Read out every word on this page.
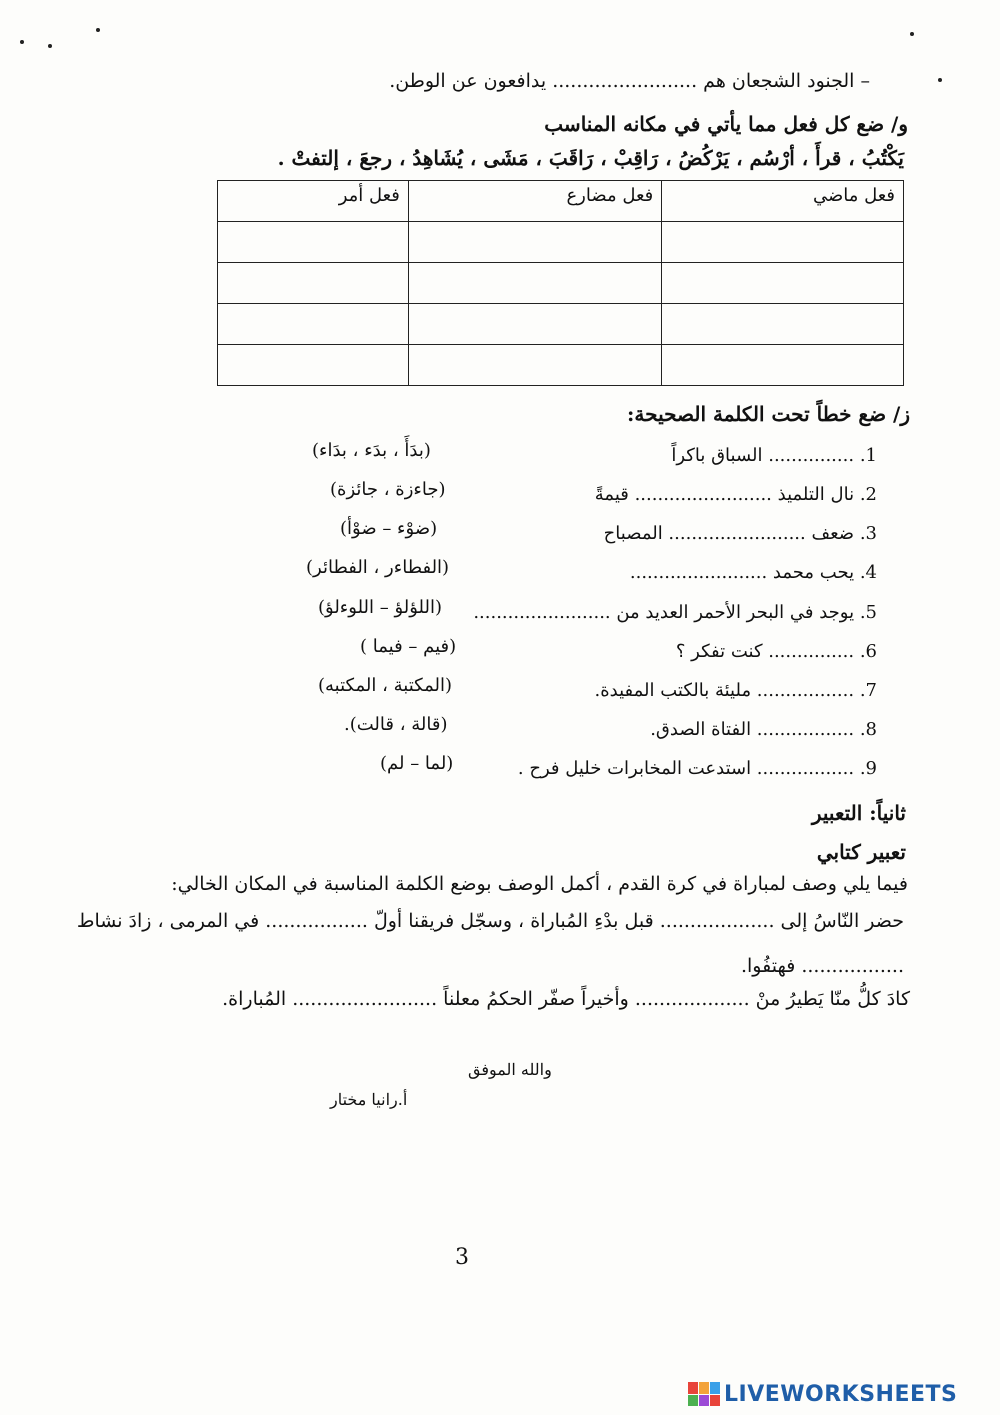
– الجنود الشجعان هم ........................ يدافعون عن الوطن.
و/ ضع كل فعل مما يأتي في مكانه المناسب
يَكْتُبُ ، قرأَ ، أرْسُم ، يَرْكُضُ ، رَاقِبْ ، رَاقَبَ ، مَشَى ، يُشَاهِدُ ، رجعَ ، إلتفتْ .
فعل ماضي	فعل مضارع	فعل أمر

ز/ ضع خطاً تحت الكلمة الصحيحة:
1. ............... السباق باكراً
(بدَأَ ، بدَء ، بدَاء)
2. نال التلميذ ........................ قيمةً
(جاءزة ، جائزة)
3. ضعف ........................ المصباح
(ضوْء – ضوْأ)
4. يحب محمد ........................
(الفطاءر ، الفطائر)
5. يوجد في البحر الأحمر العديد من ........................
(اللؤلؤ – اللوءلؤ)
6. ............... كنت تفكر ؟
(فيم – فيما )
7. ................. مليئة بالكتب المفيدة.
(المكتبة ، المكتبه)
8. ................. الفتاة الصدق.
(قالة ، قالت).
9. ................. استدعت المخابرات خليل فرح .
(لما – لم)
ثانياً: التعبير
تعبير كتابي
فيما يلي وصف لمباراة في كرة القدم ، أكمل الوصف بوضع الكلمة المناسبة في المكان الخالي:
حضر النّاسُ إلى ................... قبل بدْءِ المُباراة ، وسجّل فريقنا أولّ ................. في المرمى ، زادَ نشاط
................. فهتفُوا.
كادَ كلُّ منّا يَطيرُ منْ ................... وأخيراً صفّر الحكمُ معلناً ........................ المُباراة.
والله الموفق
أ.رانيا مختار
3
LIVEWORKSHEETS
